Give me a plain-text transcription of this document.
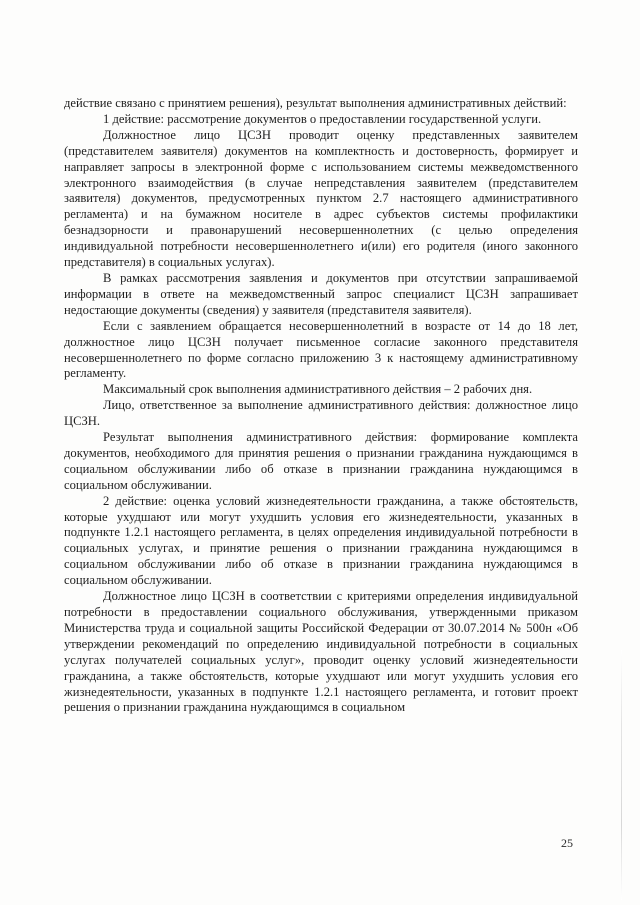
действие связано с принятием решения), результат выполнения административных действий:

1 действие: рассмотрение документов о предоставлении государственной услуги.

Должностное лицо ЦСЗН проводит оценку представленных заявителем (представителем заявителя) документов на комплектность и достоверность, формирует и направляет запросы в электронной форме с использованием системы межведомственного электронного взаимодействия (в случае непредставления заявителем (представителем заявителя) документов, предусмотренных пунктом 2.7 настоящего административного регламента) и на бумажном носителе в адрес субъектов системы профилактики безнадзорности и правонарушений несовершеннолетних (с целью определения индивидуальной потребности несовершеннолетнего и(или) его родителя (иного законного представителя) в социальных услугах).

В рамках рассмотрения заявления и документов при отсутствии запрашиваемой информации в ответе на межведомственный запрос специалист ЦСЗН запрашивает недостающие документы (сведения) у заявителя (представителя заявителя).

Если с заявлением обращается несовершеннолетний в возрасте от 14 до 18 лет, должностное лицо ЦСЗН получает письменное согласие законного представителя несовершеннолетнего по форме согласно приложению 3 к настоящему административному регламенту.

Максимальный срок выполнения административного действия – 2 рабочих дня.

Лицо, ответственное за выполнение административного действия: должностное лицо ЦСЗН.

Результат выполнения административного действия: формирование комплекта документов, необходимого для принятия решения о признании гражданина нуждающимся в социальном обслуживании либо об отказе в признании гражданина нуждающимся в социальном обслуживании.

2 действие: оценка условий жизнедеятельности гражданина, а также обстоятельств, которые ухудшают или могут ухудшить условия его жизнедеятельности, указанных в подпункте 1.2.1 настоящего регламента, в целях определения индивидуальной потребности в социальных услугах, и принятие решения о признании гражданина нуждающимся в социальном обслуживании либо об отказе в признании гражданина нуждающимся в социальном обслуживании.

Должностное лицо ЦСЗН в соответствии с критериями определения индивидуальной потребности в предоставлении социального обслуживания, утвержденными приказом Министерства труда и социальной защиты Российской Федерации от 30.07.2014 № 500н «Об утверждении рекомендаций по определению индивидуальной потребности в социальных услугах получателей социальных услуг», проводит оценку условий жизнедеятельности гражданина, а также обстоятельств, которые ухудшают или могут ухудшить условия его жизнедеятельности, указанных в подпункте 1.2.1 настоящего регламента, и готовит проект решения о признании гражданина нуждающимся в социальном

25
